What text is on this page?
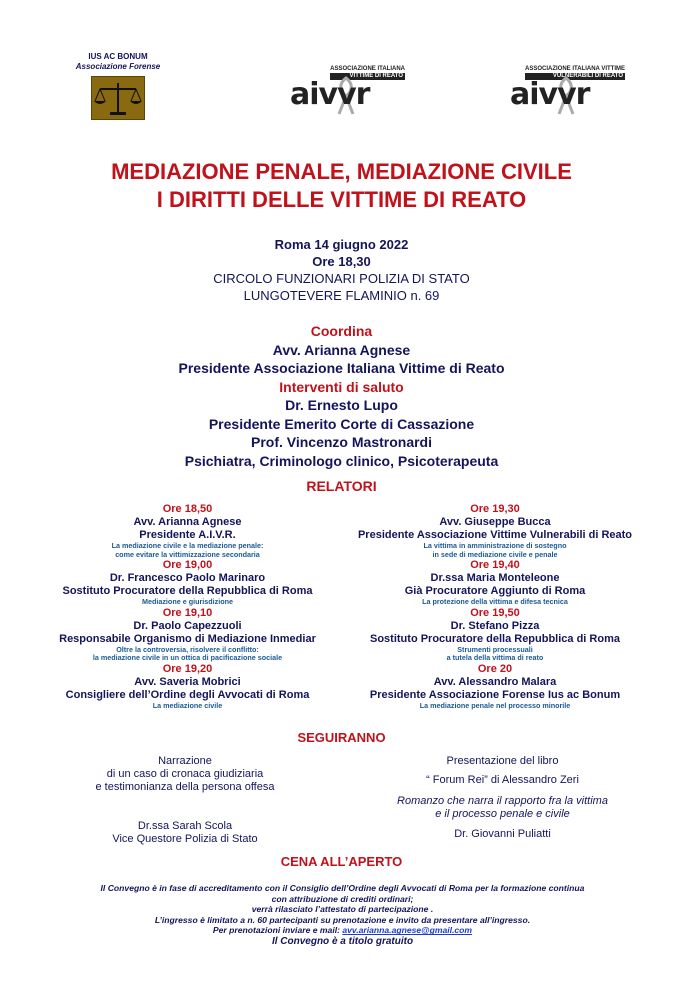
IUS AC BONUM
Associazione Forense	ASSOCIAZIONE ITALIANA
VITTIME DI REATO
aivvr
ASSOCIAZIONE ITALIANA VITTIME
VULNERABILI DI REATO
aivvr
MEDIAZIONE PENALE, MEDIAZIONE CIVILE
I DIRITTI DELLE VITTIME DI REATO
Roma 14 giugno 2022
Ore 18,30
CIRCOLO FUNZIONARI POLIZIA DI STATO
LUNGOTEVERE FLAMINIO n. 69
Coordina
Avv. Arianna Agnese
Presidente Associazione Italiana Vittime di Reato
Interventi di saluto
Dr. Ernesto Lupo
Presidente Emerito Corte di Cassazione
Prof. Vincenzo Mastronardi
Psichiatra, Criminologo clinico, Psicoterapeuta
RELATORI
Ore 18,50
Avv. Arianna Agnese
Presidente A.I.V.R.
La mediazione civile e la mediazione penale:
come evitare la vittimizzazione secondaria
Ore 19,00
Dr. Francesco Paolo Marinaro
Sostituto Procuratore della Repubblica di Roma
Mediazione e giurisdizione
Ore 19,10
Dr. Paolo Capezzuoli
Responsabile Organismo di Mediazione Inmediar
Oltre la controversia, risolvere il conflitto:
la mediazione civile in un ottica di pacificazione sociale
Ore 19,20
Avv. Saveria Mobrici
Consigliere dell’Ordine degli Avvocati di Roma
La mediazione civile
Ore 19,30
Avv. Giuseppe Bucca
Presidente Associazione Vittime Vulnerabili di Reato
La vittima in amministrazione di sostegno
in sede di mediazione civile e penale
Ore 19,40
Dr.ssa Maria Monteleone
Già Procuratore Aggiunto di Roma
La protezione della vittima e difesa tecnica
Ore 19,50
Dr. Stefano Pizza
Sostituto Procuratore della Repubblica di Roma
Strumenti processuali
a tutela della vittima di reato
Ore 20
Avv. Alessandro Malara
Presidente Associazione Forense Ius ac Bonum
La mediazione penale nel processo minorile
SEGUIRANNO
Narrazione
di un caso di cronaca giudiziaria
e testimonianza della persona offesa
Dr.ssa Sarah Scola
Vice Questore Polizia di Stato
Presentazione del libro
“ Forum Rei” di Alessandro Zeri
Romanzo che narra il rapporto fra la vittima
e il processo penale e civile
Dr. Giovanni Puliatti
CENA ALL’APERTO
Il Convegno è in fase di accreditamento con il Consiglio dell’Ordine degli Avvocati di Roma per la formazione continua
con attribuzione di crediti ordinari;
verrà rilasciato l’attestato di partecipazione .
L’ingresso è limitato a n. 60 partecipanti su prenotazione e invito da presentare all’ingresso.
Per prenotazioni inviare e mail: avv.arianna.agnese@gmail.com
Il Convegno è a titolo gratuito
